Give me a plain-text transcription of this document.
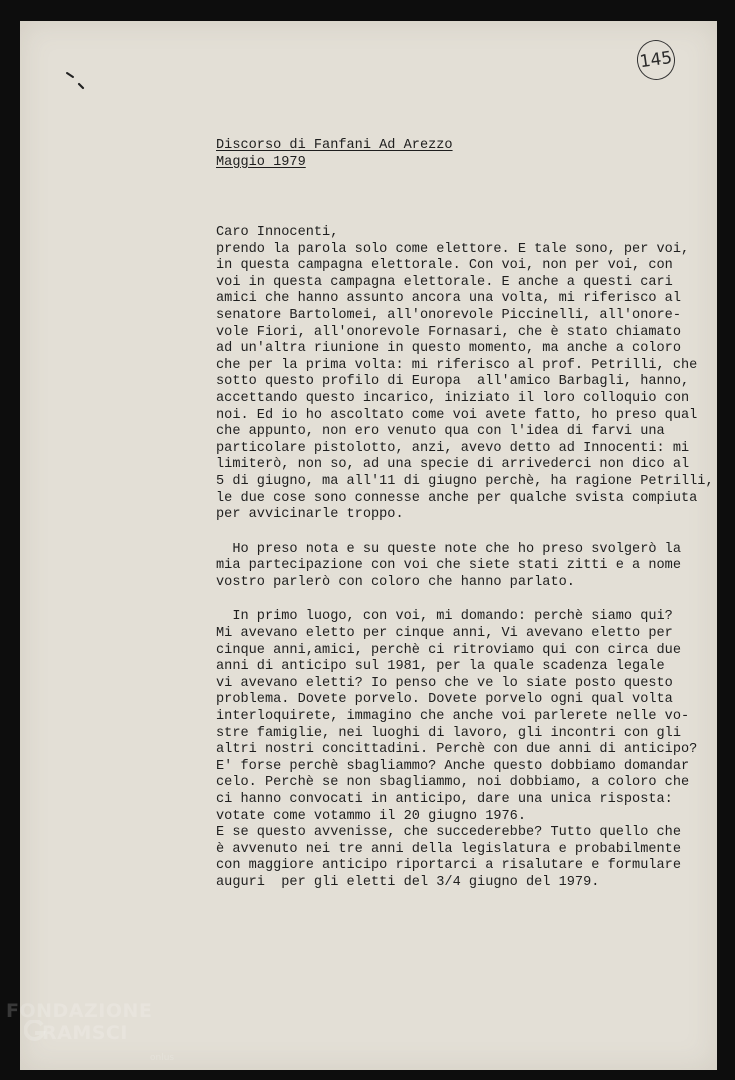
145
Discorso di Fanfani Ad Arezzo
Maggio 1979
Caro Innocenti,
prendo la parola solo come elettore. E tale sono, per voi,
in questa campagna elettorale. Con voi, non per voi, con
voi in questa campagna elettorale. E anche a questi cari
amici che hanno assunto ancora una volta, mi riferisco al
senatore Bartolomei, all'onorevole Piccinelli, all'onore-
vole Fiori, all'onorevole Fornasari, che è stato chiamato
ad un'altra riunione in questo momento, ma anche a coloro
che per la prima volta: mi riferisco al prof. Petrilli, che
sotto questo profilo di Europa  all'amico Barbagli, hanno,
accettando questo incarico, iniziato il loro colloquio con
noi. Ed io ho ascoltato come voi avete fatto, ho preso qual
che appunto, non ero venuto qua con l'idea di farvi una
particolare pistolotto, anzi, avevo detto ad Innocenti: mi
limiterò, non so, ad una specie di arrivederci non dico al
5 di giugno, ma all'11 di giugno perchè, ha ragione Petrilli,
le due cose sono connesse anche per qualche svista compiuta
per avvicinarle troppo.
Ho preso nota e su queste note che ho preso svolgerò la
mia partecipazione con voi che siete stati zitti e a nome
vostro parlerò con coloro che hanno parlato.
In primo luogo, con voi, mi domando: perchè siamo qui?
Mi avevano eletto per cinque anni, Vi avevano eletto per
cinque anni,amici, perchè ci ritroviamo qui con circa due
anni di anticipo sul 1981, per la quale scadenza legale
vi avevano eletti? Io penso che ve lo siate posto questo
problema. Dovete porvelo. Dovete porvelo ogni qual volta
interloquirete, immagino che anche voi parlerete nelle vo-
stre famiglie, nei luoghi di lavoro, gli incontri con gli
altri nostri concittadini. Perchè con due anni di anticipo?
E' forse perchè sbagliammo? Anche questo dobbiamo domandar
celo. Perchè se non sbagliammo, noi dobbiamo, a coloro che
ci hanno convocati in anticipo, dare una unica risposta:
votate come votammo il 20 giugno 1976.
E se questo avvenisse, che succederebbe? Tutto quello che
è avvenuto nei tre anni della legislatura e probabilmente
con maggiore anticipo riportarci a risalutare e formulare
auguri  per gli eletti del 3/4 giugno del 1979.
FONDAZIONE
RAMSCI
onlus
